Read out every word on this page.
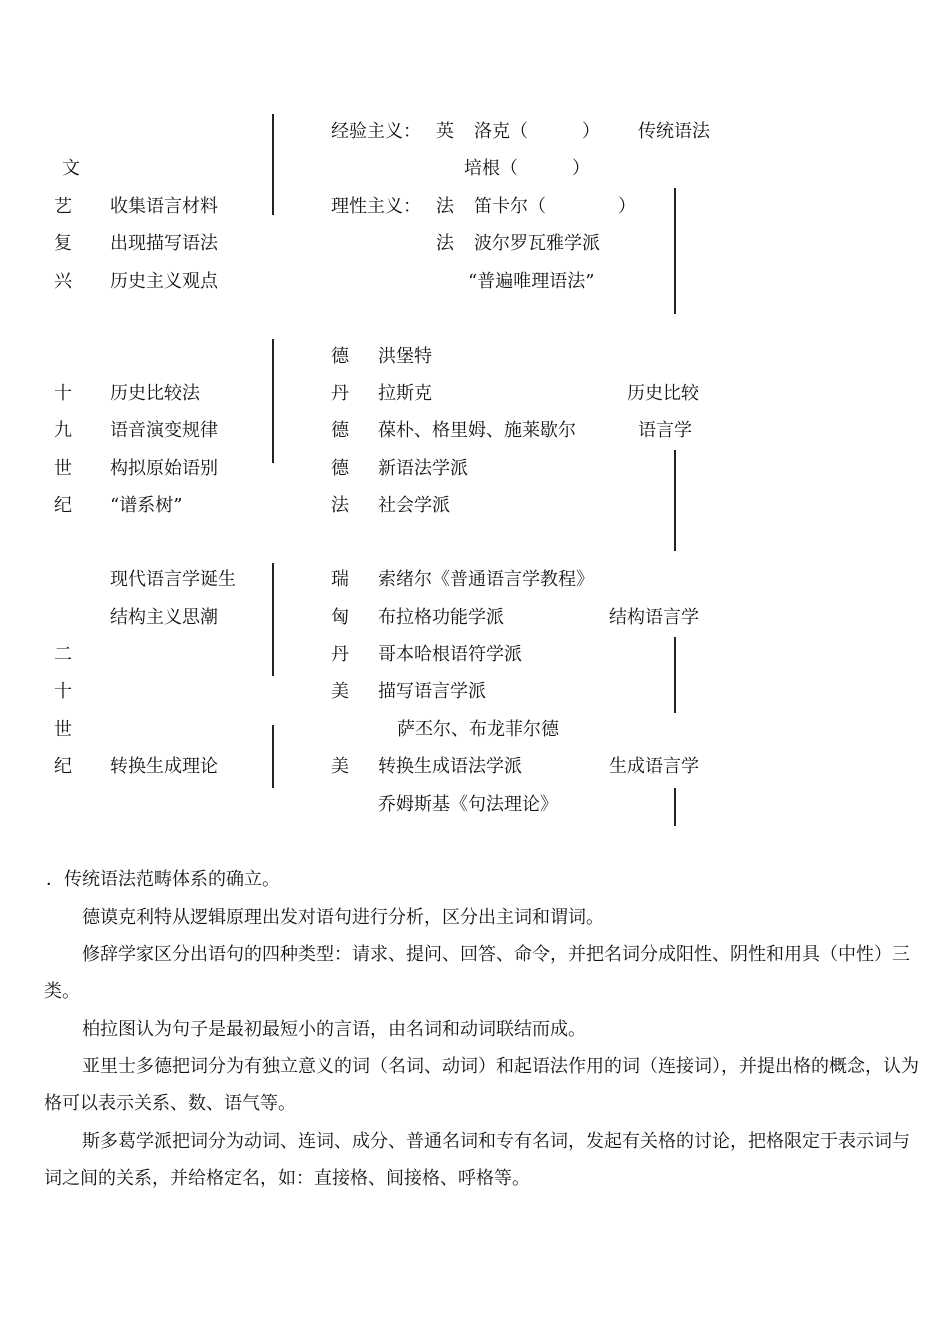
文
艺
复
兴
收集语言材料
出现描写语法
历史主义观点
经验主义： 英 洛克（　　　）
培根（　　　）
理性主义： 法 笛卡尔（　　　　）
法 波尔罗瓦雅学派
“普遍唯理语法”
传统语法
十
九
世
纪
历史比较法
语音演变规律
构拟原始语别
“谱系树”
德 洪堡特
丹 拉斯克
德 葆朴、格里姆、施莱歇尔
德 新语法学派
法 社会学派
历史比较
语言学
二
十
世
纪
现代语言学诞生
结构主义思潮
转换生成理论
瑞 索绪尔《普通语言学教程》
匈 布拉格功能学派
丹 哥本哈根语符学派
美 描写语言学派
萨丕尔、布龙菲尔德
结构语言学
美 转换生成语法学派
乔姆斯基《句法理论》
生成语言学
．传统语法范畴体系的确立。
德谟克利特从逻辑原理出发对语句进行分析，区分出主词和谓词。
修辞学家区分出语句的四种类型：请求、提问、回答、命令，并把名词分成阳性、阴性和用具（中性）三类。
柏拉图认为句子是最初最短小的言语，由名词和动词联结而成。
亚里士多德把词分为有独立意义的词（名词、动词）和起语法作用的词（连接词），并提出格的概念，认为格可以表示关系、数、语气等。
斯多葛学派把词分为动词、连词、成分、普通名词和专有名词，发起有关格的讨论，把格限定于表示词与词之间的关系，并给格定名，如：直接格、间接格、呼格等。
